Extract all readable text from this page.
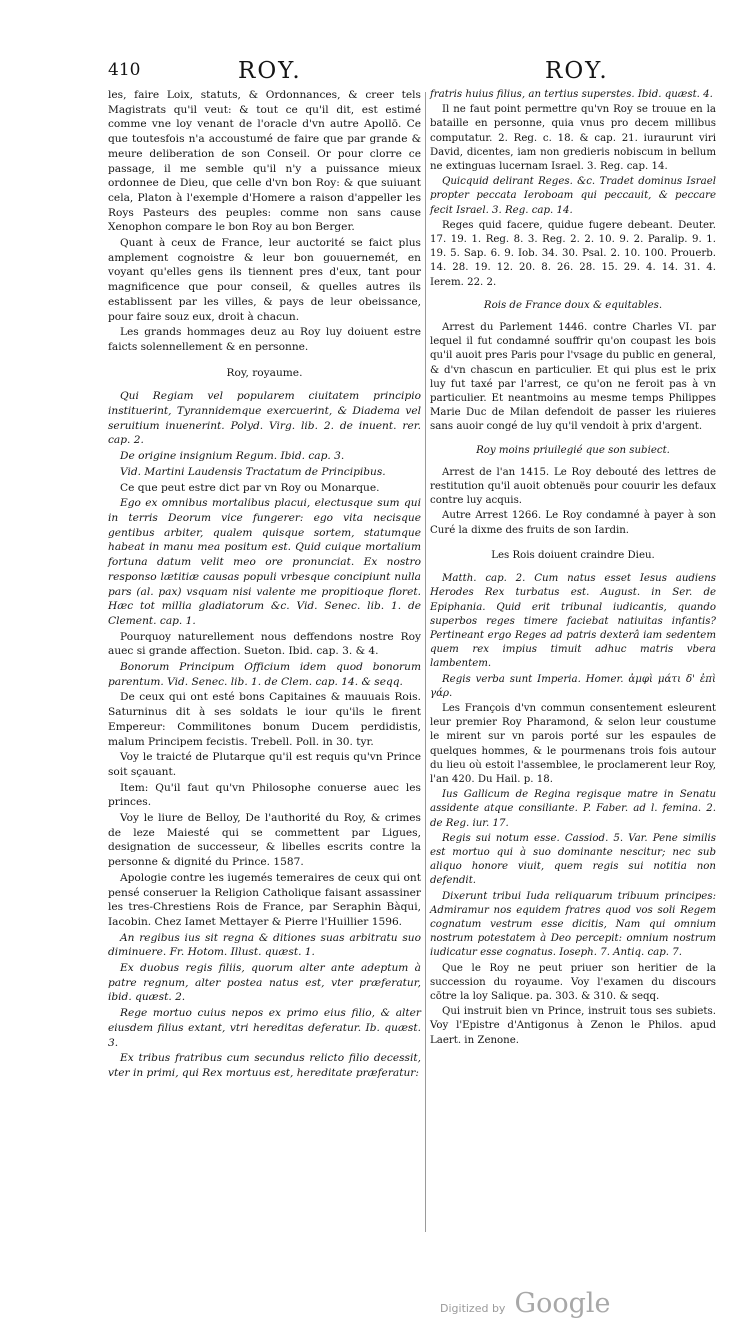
410	ROY.	ROY.

les, faire Loix, statuts, & Ordonnances, & creer tels Magistrats qu'il veut: & tout ce qu'il dit, est estimé comme vne loy venant de l'oracle d'vn autre Apollō. Ce que toutesfois n'a accoustumé de faire que par grande & meure deliberation de son Conseil. Or pour clorre ce passage, il me semble qu'il n'y a puissance mieux ordonnee de Dieu, que celle d'vn bon Roy: & que suiuant cela, Platon à l'exemple d'Homere a raison d'appeller les Roys Pasteurs des peuples: comme non sans cause Xenophon compare le bon Roy au bon Berger.

Quant à ceux de France, leur auctorité se faict plus amplement cognoistre & leur bon gouuernemét, en voyant qu'elles gens ils tiennent pres d'eux, tant pour magnificence que pour conseil, & quelles autres ils establissent par les villes, & pays de leur obeissance, pour faire souz eux, droit à chacun.

Les grands hommages deuz au Roy luy doiuent estre faicts solennellement & en personne.

Roy, royaume.

Qui Regiam vel popularem ciuitatem principio instituerint, Tyrannidemque exercuerint, & Diadema vel seruitium inuenerint. Polyd. Virg. lib. 2. de inuent. rer. cap. 2.

De origine insignium Regum. Ibid. cap. 3.

Vid. Martini Laudensis Tractatum de Principibus.

Ce que peut estre dict par vn Roy ou Monarque.

Ego ex omnibus mortalibus placui, electusque sum qui in terris Deorum vice fungerer: ego vita necisque gentibus arbiter, qualem quisque sortem, statumque habeat in manu mea positum est. Quid cuique mortalium fortuna datum velit meo ore pronunciat. Ex nostro responso lætitiæ causas populi vrbesque concipiunt nulla pars (al. pax) vsquam nisi valente me propitioque floret. Hæc tot millia gladiatorum &c. Vid. Senec. lib. 1. de Clement. cap. 1.

Pourquoy naturellement nous deffendons nostre Roy auec si grande affection. Sueton. Ibid. cap. 3. & 4.

Bonorum Principum Officium idem quod bonorum parentum. Vid. Senec. lib. 1. de Clem. cap. 14. & seqq.

De ceux qui ont esté bons Capitaines & mauuais Rois. Saturninus dit à ses soldats le iour qu'ils le firent Empereur: Commilitones bonum Ducem perdidistis, malum Principem fecistis. Trebell. Poll. in 30. tyr.

Voy le traicté de Plutarque qu'il est requis qu'vn Prince soit sçauant.

Item: Qu'il faut qu'vn Philosophe conuerse auec les princes.

Voy le liure de Belloy, De l'authorité du Roy, & crimes de leze Maiesté qui se commettent par Ligues, designation de successeur, & libelles escrits contre la personne & dignité du Prince. 1587.

Apologie contre les iugemés temeraires de ceux qui ont pensé conseruer la Religion Catholique faisant assassiner les tres-Chrestiens Rois de France, par Seraphin Bàqui, Iacobin. Chez Iamet Mettayer & Pierre l'Huillier 1596.

An regibus ius sit regna & ditiones suas arbitratu suo diminuere. Fr. Hotom. Illust. quæst. 1.

Ex duobus regis filiis, quorum alter ante adeptum à patre regnum, alter postea natus est, vter præferatur, ibid. quæst. 2.

Rege mortuo cuius nepos ex primo eius filio, & alter eiusdem filius extant, vtri hereditas deferatur. Ib. quæst. 3.

Ex tribus fratribus cum secundus relicto filio decessit, vter in primi, qui Rex mortuus est, hereditate præferatur:

fratris huius filius, an tertius superstes. Ibid. quæst. 4.

Il ne faut point permettre qu'vn Roy se trouue en la bataille en personne, quia vnus pro decem millibus computatur. 2. Reg. c. 18. & cap. 21. iuraurunt viri David, dicentes, iam non gredieris nobiscum in bellum ne extinguas lucernam Israel. 3. Reg. cap. 14.

Quicquid delirant Reges. &c. Tradet dominus Israel propter peccata Ieroboam qui peccauit, & peccare fecit Israel. 3. Reg. cap. 14.

Reges quid facere, quidue fugere debeant. Deuter. 17. 19. 1. Reg. 8. 3. Reg. 2. 2. 10. 9. 2. Paralip. 9. 1. 19. 5. Sap. 6. 9. Iob. 34. 30. Psal. 2. 10. 100. Prouerb. 14. 28. 19. 12. 20. 8. 26. 28. 15. 29. 4. 14. 31. 4. Ierem. 22. 2.

Rois de France doux & equitables.

Arrest du Parlement 1446. contre Charles VI. par lequel il fut condamné souffrir qu'on coupast les bois qu'il auoit pres Paris pour l'vsage du public en general, & d'vn chascun en particulier. Et qui plus est le prix luy fut taxé par l'arrest, ce qu'on ne feroit pas à vn particulier. Et neantmoins au mesme temps Philippes Marie Duc de Milan defendoit de passer les riuieres sans auoir congé de luy qu'il vendoit à prix d'argent.

Roy moins priuilegié que son subiect.

Arrest de l'an 1415. Le Roy debouté des lettres de restitution qu'il auoit obtenuës pour couurir les defaux contre luy acquis.

Autre Arrest 1266. Le Roy condamné à payer à son Curé la dixme des fruits de son Iardin.

Les Rois doiuent craindre Dieu.

Matth. cap. 2. Cum natus esset Iesus audiens Herodes Rex turbatus est. August. in Ser. de Epiphania. Quid erit tribunal iudicantis, quando superbos reges timere faciebat natiuitas infantis? Pertineant ergo Reges ad patris dexterâ iam sedentem quem rex impius timuit adhuc matris vbera lambentem.

Regis verba sunt Imperia. Homer. ἀμφὶ μάτι δ' ἐπὶ γάρ.

Les François d'vn commun consentement esleurent leur premier Roy Pharamond, & selon leur coustume le mirent sur vn parois porté sur les espaules de quelques hommes, & le pourmenans trois fois autour du lieu où estoit l'assemblee, le proclamerent leur Roy, l'an 420. Du Hail. p. 18.

Ius Gallicum de Regina regisque matre in Senatu assidente atque consiliante. P. Faber. ad l. femina. 2. de Reg. iur. 17.

Regis sui notum esse. Cassiod. 5. Var. Pene similis est mortuo qui à suo dominante nescitur; nec sub aliquo honore viuit, quem regis sui notitia non defendit.

Dixerunt tribui Iuda reliquarum tribuum principes: Admiramur nos equidem fratres quod vos soli Regem cognatum vestrum esse dicitis, Nam qui omnium nostrum potestatem à Deo percepit: omnium nostrum iudicatur esse cognatus. Ioseph. 7. Antiq. cap. 7.

Que le Roy ne peut priuer son heritier de la succession du royaume. Voy l'examen du discours cōtre la loy Salique. pa. 303. & 310. & seqq.

Qui instruit bien vn Prince, instruit tous ses subiets. Voy l'Epistre d'Antigonus à Zenon le Philos. apud Laert. in Zenone.

Digitized by Google
